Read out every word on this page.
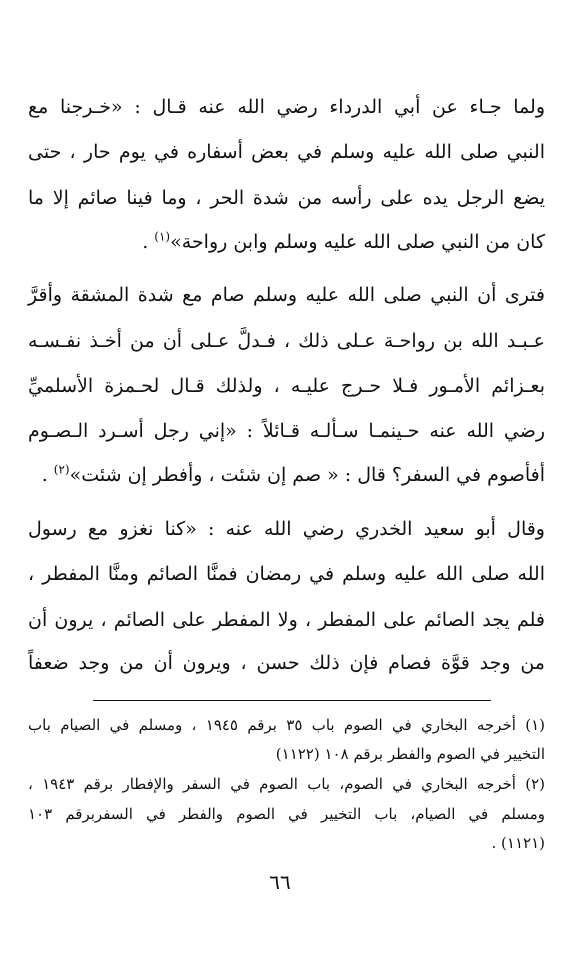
ولما جـاء عن أبي الدرداء رضي الله عنه قـال : «خـرجنا مع
النبي صلى الله عليه وسلم في بعض أسفاره في يوم حار ، حتى
يضع الرجل يده على رأسه من شدة الحر ، وما فينا صائم إلا ما
كان من النبي صلى الله عليه وسلم وابن رواحة»$^{(١)}$ .
فترى أن النبي صلى الله عليه وسلم صام مع شدة المشقة وأقرَّ
عـبـد الله بن رواحـة عـلى ذلك ، فـدلَّ عـلى أن من أخـذ نفـسـه
بعـزائم الأمـور فـلا حـرج عليـه ، ولذلك قـال لحـمزة الأسلميِّ
رضي الله عنه حـينمـا سـألـه قـائلاً : «إني رجل أسـرد الـصـوم
أفأصوم في السفر؟ قال : « صم إن شئت ، وأفطر إن شئت»$^{(٢)}$ .
وقال أبو سعيد الخدري رضي الله عنه : «كنا نغزو مع رسول
الله صلى الله عليه وسلم في رمضان فمنَّا الصائم ومنَّا المفطر ،
فلم يجد الصائم على المفطر ، ولا المفطر على الصائم ، يرون أن
من وجد قوَّة فصام فإن ذلك حسن ، ويرون أن من وجد ضعفاً
(١) أخرجه البخاري في الصوم باب ٣٥ برقم ١٩٤٥ ، ومسلم في الصيام باب
التخيير في الصوم والفطر برقم ١٠٨ (١١٢٢)
(٢) أخرجه البخاري في الصوم، باب الصوم في السفر والإفطار برقم ١٩٤٣ ،
ومسلم في الصيام، باب التخيير في الصوم والفطر في السفربرقم ١٠٣
(١١٢١) .
٦٦
